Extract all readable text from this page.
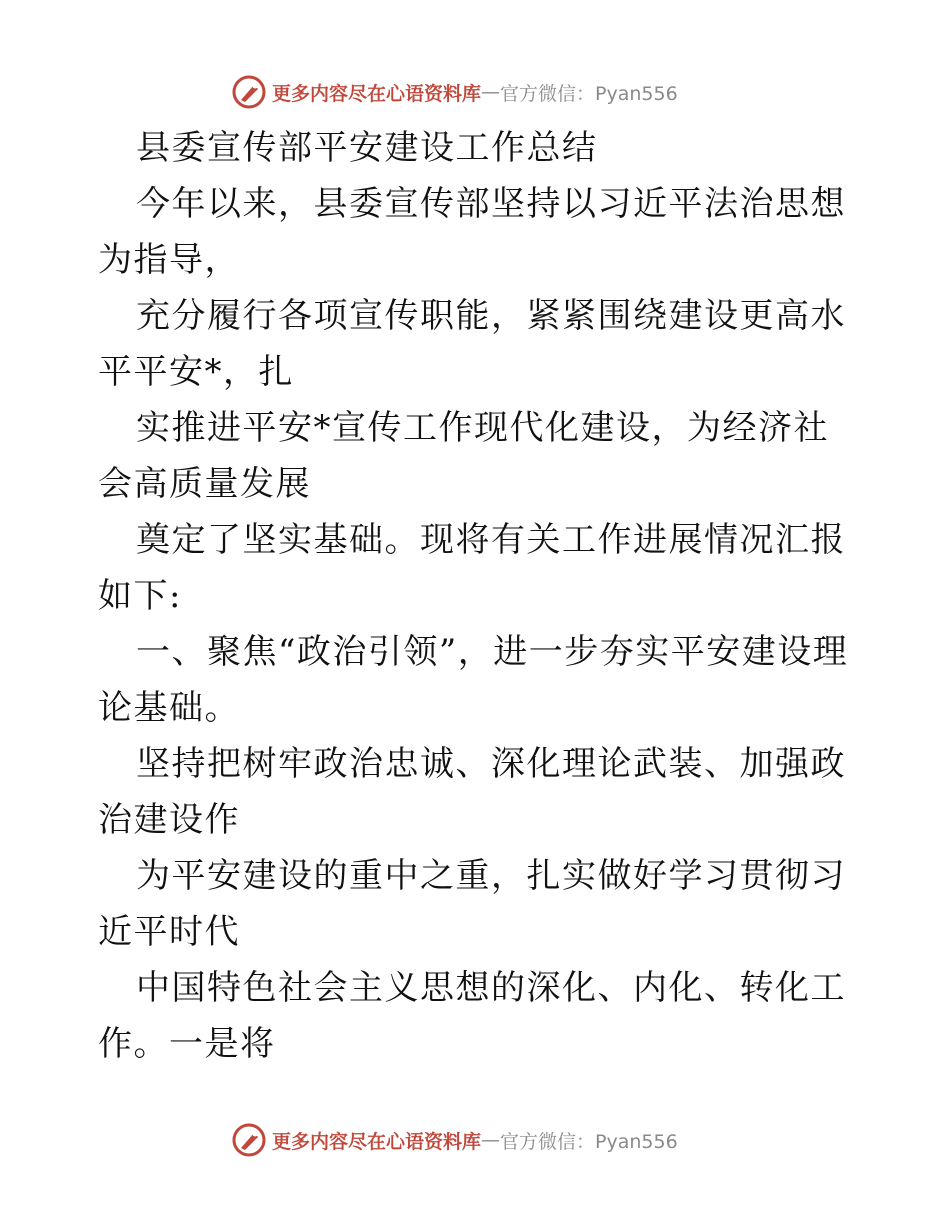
更多内容尽在心语资料库 — 官方微信：Pyan556

县委宣传部平安建设工作总结

今年以来，县委宣传部坚持以习近平法治思想为指导，

充分履行各项宣传职能，紧紧围绕建设更高水平平安*，扎

实推进平安*宣传工作现代化建设，为经济社会高质量发展

奠定了坚实基础。现将有关工作进展情况汇报如下:

一、聚焦“政治引领”，进一步夯实平安建设理论基础。

坚持把树牢政治忠诚、深化理论武装、加强政治建设作

为平安建设的重中之重，扎实做好学习贯彻习近平时代

中国特色社会主义思想的深化、内化、转化工作。一是将

更多内容尽在心语资料库 — 官方微信：Pyan556
